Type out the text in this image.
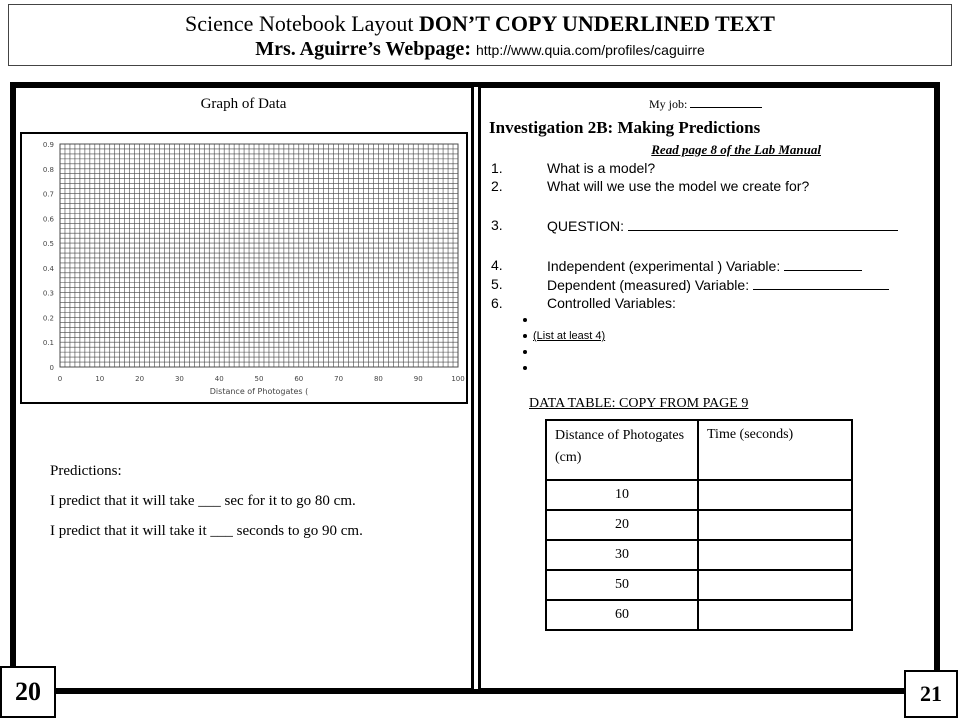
Science Notebook Layout DON’T COPY UNDERLINED TEXT
Mrs. Aguirre’s Webpage: http://www.quia.com/profiles/caguirre
Graph of Data
0	10	20	30	40	50	60	70	80	90	100
0
0.1
0.2
0.3
0.4
0.5
0.6
0.7
0.8
0.9
Distance of Photogates (
Predictions:
I predict that it will take ___ sec for it to go 80 cm.
I predict that it will take it ___ seconds to go 90 cm.
My job:
Investigation 2B: Making Predictions
Read page 8 of the Lab Manual
1.	What is a model?
2.	What will we use the model we create for?
3.	QUESTION:
4.	Independent (experimental ) Variable:
5.	Dependent (measured) Variable:
6.	Controlled Variables:
(List at least 4)
DATA TABLE: COPY FROM PAGE 9
Distance of Photogates (cm)	Time (seconds)
10	
20	
30	
50	
60	
20	21
